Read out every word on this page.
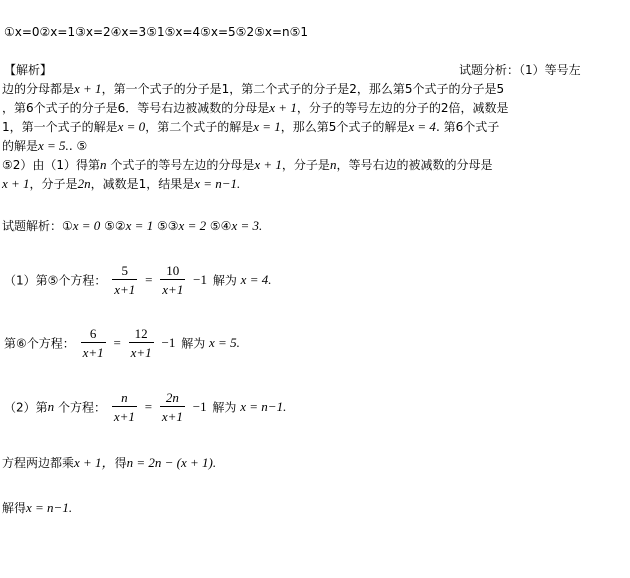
①x=0②x=1③x=2④x=3⑤1⑤x=4⑤x=5⑤2⑤x=n⑤1
【解析】	试题分析：（1）等号左
边的分母都是x + 1，第一个式子的分子是1，第二个式子的分子是2，那么第5个式子的分子是5
，第6个式子的分子是6．等号右边被减数的分母是x + 1，分子的等号左边的分子的2倍，减数是
1，第一个式子的解是x = 0，第二个式子的解是x = 1，那么第5个式子的解是x = 4. 第6个式子
的解是x = 5.. ⑤
⑤2）由（1）得第n 个式子的等号左边的分母是x + 1，分子是n，等号右边的被减数的分母是
x + 1，分子是2n，减数是1，结果是x = n−1.
试题解析：①x = 0 ⑤②x = 1 ⑤③x = 2 ⑤④x = 3.
（1）第⑤个方程： $\frac{5}{x+1} = \frac{10}{x+1} -1$ 解为 x = 4.
第⑥个方程： $\frac{6}{x+1} = \frac{12}{x+1} -1$ 解为 x = 5.
（2）第n 个方程： $\frac{n}{x+1} = \frac{2n}{x+1} -1$ 解为 x = n−1.
方程两边都乘x + 1，得n = 2n − (x + 1).
解得x = n−1.
